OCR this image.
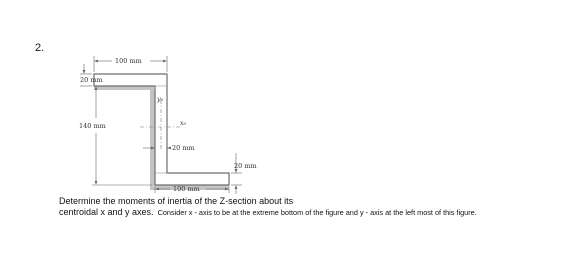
2.
y₀
x₀
100 mm
20 mm
140 mm
20 mm
20 mm
100 mm
Determine the moments of inertia of the Z-section about its
centroidal x and y axes. Consider x - axis to be at the extreme bottom of the figure and y - axis at the left most of this figure.
